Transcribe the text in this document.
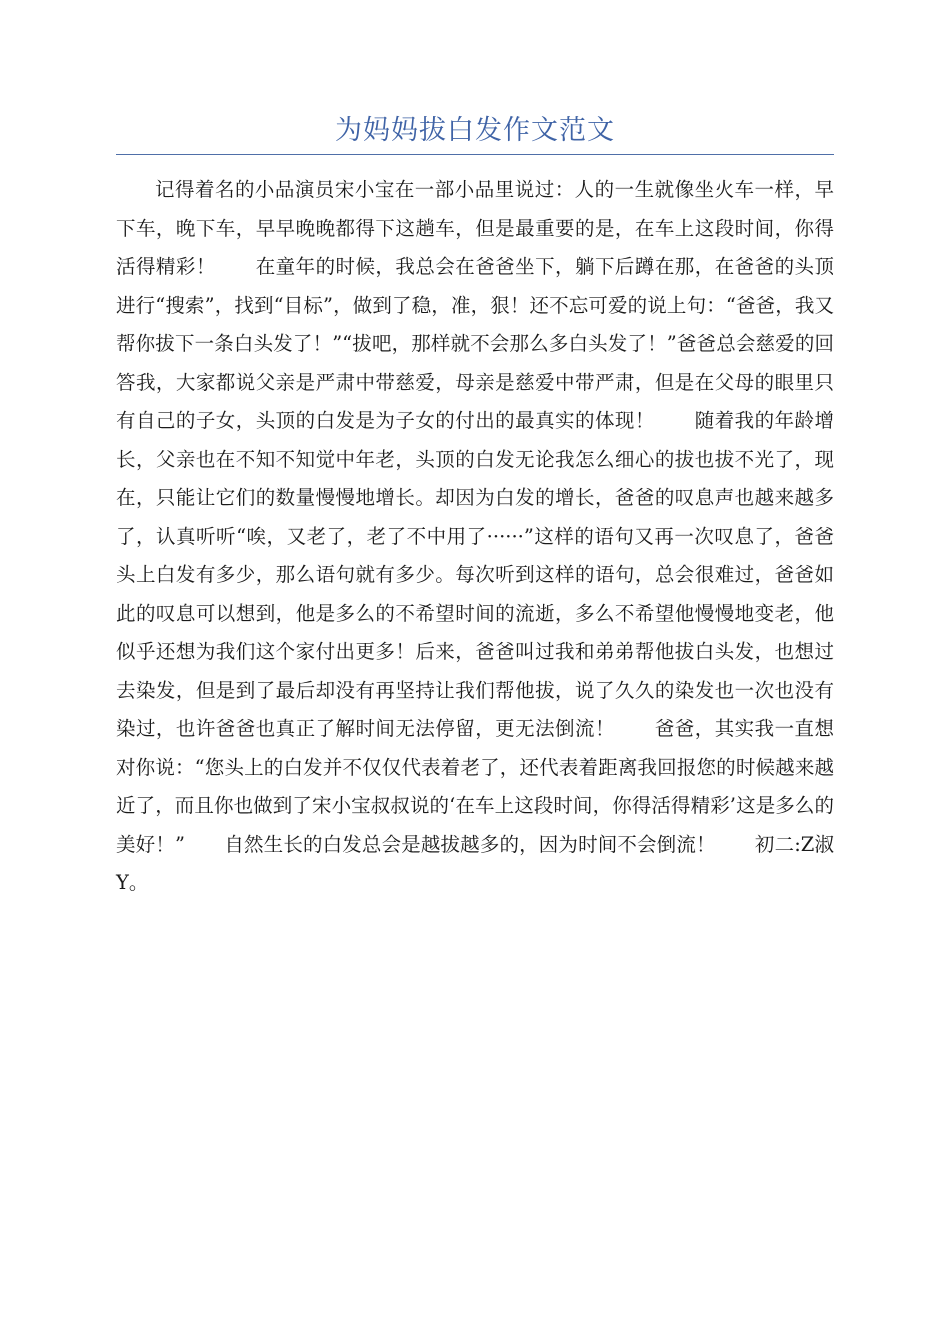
为妈妈拔白发作文范文

记得着名的小品演员宋小宝在一部小品里说过：人的一生就像坐火车一样，早下车，晚下车，早早晚晚都得下这趟车，但是最重要的是，在车上这段时间，你得活得精彩！　　在童年的时候，我总会在爸爸坐下，躺下后蹲在那，在爸爸的头顶进行“搜索”，找到“目标”，做到了稳，准，狠！还不忘可爱的说上句：“爸爸，我又帮你拔下一条白头发了！”“拔吧，那样就不会那么多白头发了！”爸爸总会慈爱的回答我，大家都说父亲是严肃中带慈爱，母亲是慈爱中带严肃，但是在父母的眼里只有自己的子女，头顶的白发是为子女的付出的最真实的体现！　　随着我的年龄增长，父亲也在不知不知觉中年老，头顶的白发无论我怎么细心的拔也拔不光了，现在，只能让它们的数量慢慢地增长。却因为白发的增长，爸爸的叹息声也越来越多了，认真听听“唉，又老了，老了不中用了······”这样的语句又再一次叹息了，爸爸头上白发有多少，那么语句就有多少。每次听到这样的语句，总会很难过，爸爸如此的叹息可以想到，他是多么的不希望时间的流逝，多么不希望他慢慢地变老，他似乎还想为我们这个家付出更多！后来，爸爸叫过我和弟弟帮他拔白头发，也想过去染发，但是到了最后却没有再坚持让我们帮他拔，说了久久的染发也一次也没有染过，也许爸爸也真正了解时间无法停留，更无法倒流！　　爸爸，其实我一直想对你说：“您头上的白发并不仅仅代表着老了，还代表着距离我回报您的时候越来越近了，而且你也做到了宋小宝叔叔说的‘在车上这段时间，你得活得精彩’这是多么的美好！”　　自然生长的白发总会是越拔越多的，因为时间不会倒流！　　初二:Z淑Y。
